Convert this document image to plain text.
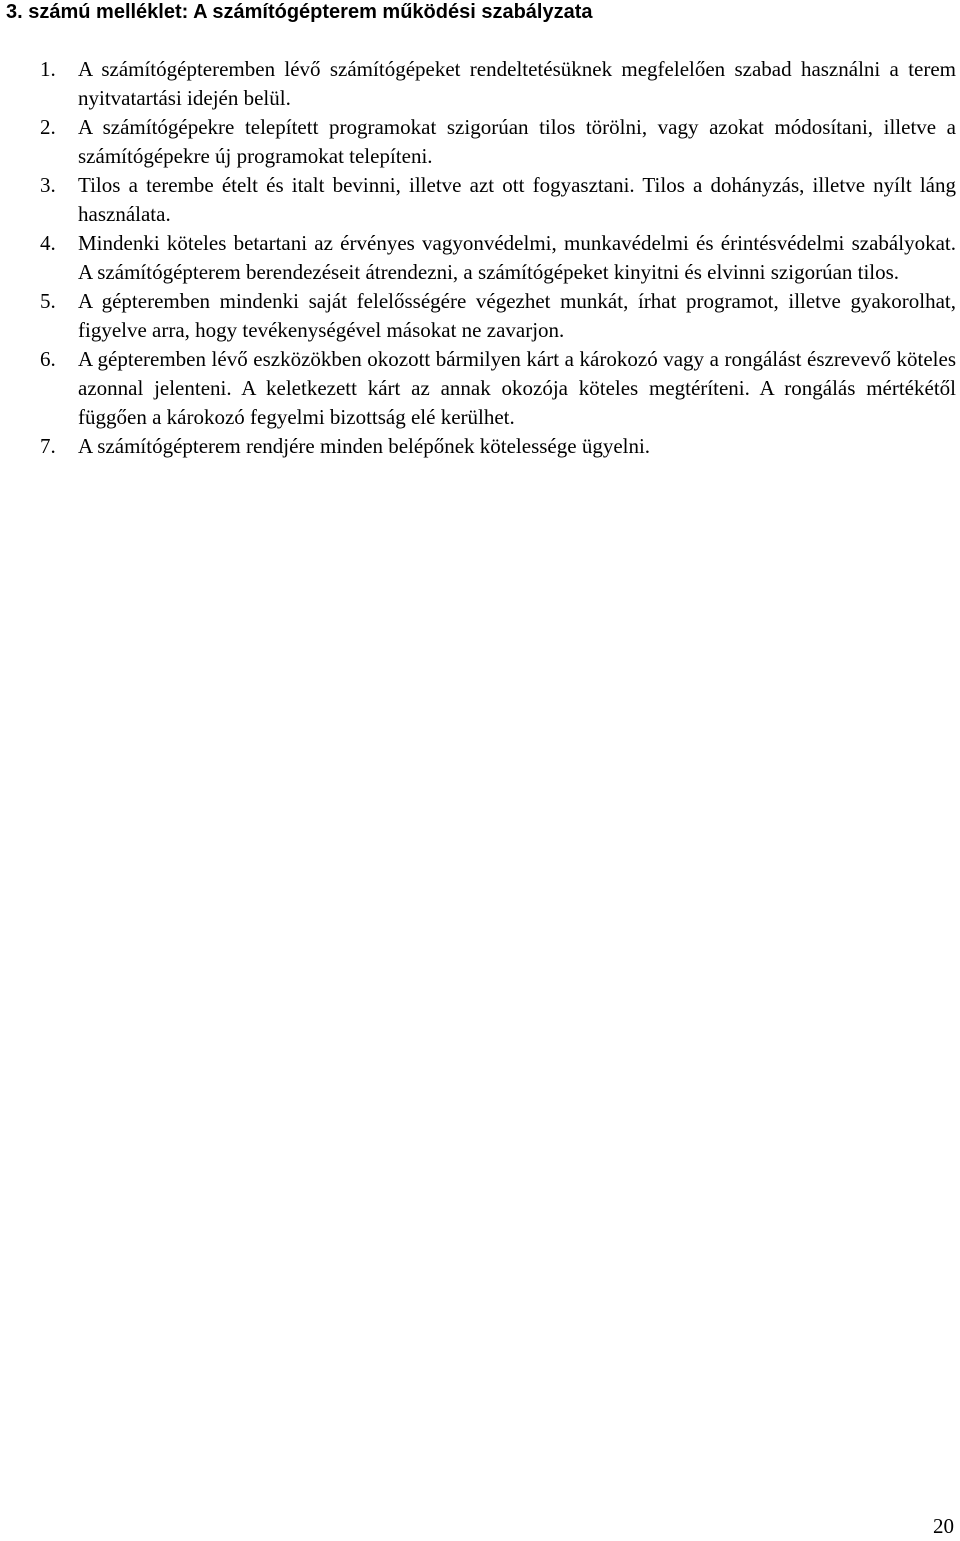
3. számú melléklet: A számítógépterem működési szabályzata
1.	A számítógépteremben lévő számítógépeket rendeltetésüknek megfelelően szabad használni a terem nyitvatartási idején belül.
2.	A számítógépekre telepített programokat szigorúan tilos törölni, vagy azokat módosítani, illetve a számítógépekre új programokat telepíteni.
3.	Tilos a terembe ételt és italt bevinni, illetve azt ott fogyasztani. Tilos a dohányzás, illetve nyílt láng használata.
4.	Mindenki köteles betartani az érvényes vagyonvédelmi, munkavédelmi és érintésvédelmi szabályokat. A számítógépterem berendezéseit átrendezni, a számítógépeket kinyitni és elvinni szigorúan tilos.
5.	A gépteremben mindenki saját felelősségére végezhet munkát, írhat programot, illetve gyakorolhat, figyelve arra, hogy tevékenységével másokat ne zavarjon.
6.	A gépteremben lévő eszközökben okozott bármilyen kárt a károkozó vagy a rongálást észrevevő köteles azonnal jelenteni. A keletkezett kárt az annak okozója köteles megtéríteni. A rongálás mértékétől függően a károkozó fegyelmi bizottság elé kerülhet.
7.	A számítógépterem rendjére minden belépőnek kötelessége ügyelni.
20
